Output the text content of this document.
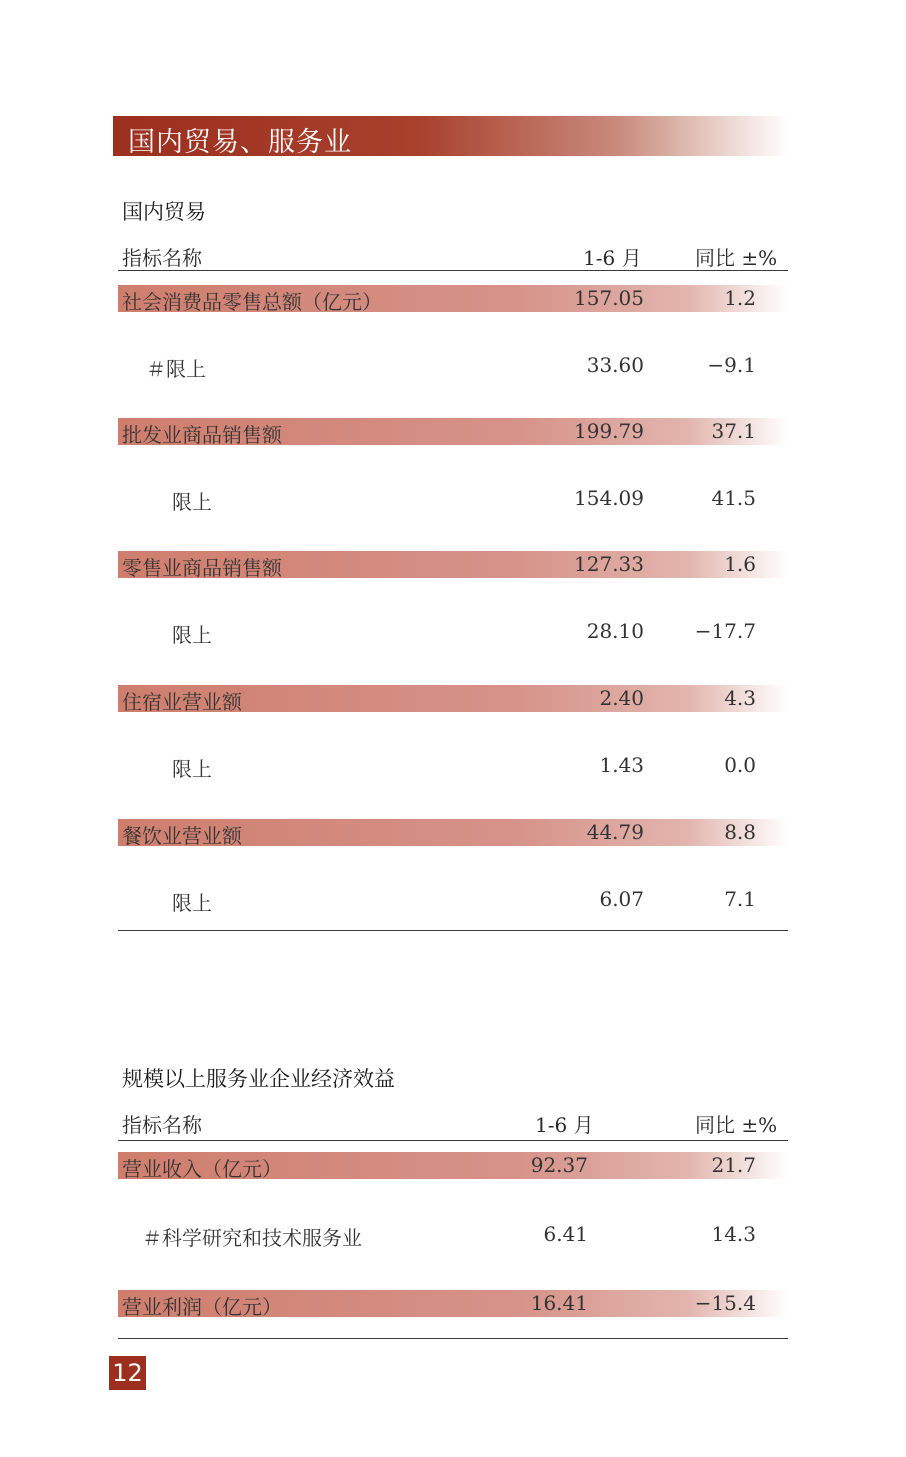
国内贸易、服务业
国内贸易
指标名称	1-6 月	同比 ±%
社会消费品零售总额（亿元）	157.05	1.2
＃限上	33.60	−9.1
批发业商品销售额	199.79	37.1
限上	154.09	41.5
零售业商品销售额	127.33	1.6
限上	28.10	−17.7
住宿业营业额	2.40	4.3
限上	1.43	0.0
餐饮业营业额	44.79	8.8
限上	6.07	7.1
规模以上服务业企业经济效益
指标名称	1-6 月	同比 ±%
营业收入（亿元）	92.37	21.7
＃科学研究和技术服务业	6.41	14.3
营业利润（亿元）	16.41	−15.4
12
